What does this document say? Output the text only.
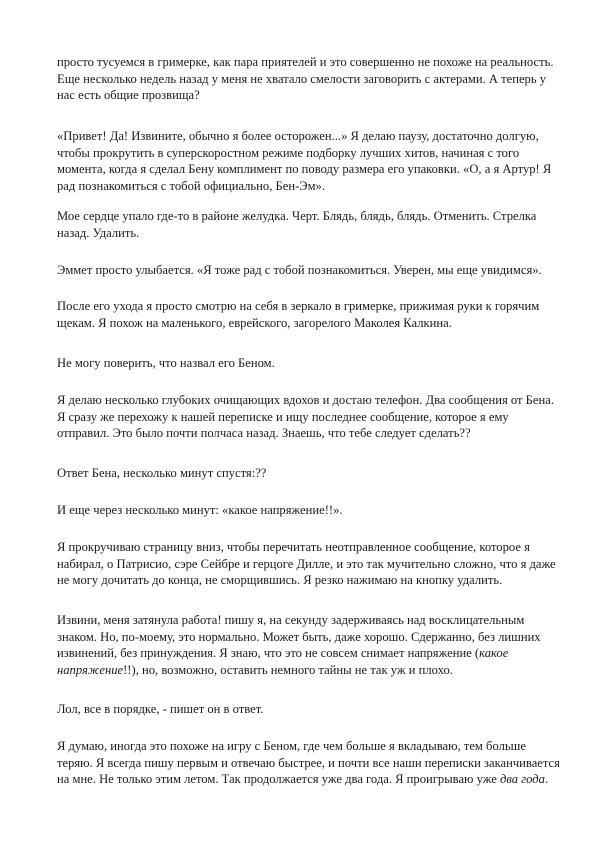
просто тусуемся в гримерке, как пара приятелей и это совершенно не похоже на реальность.
Еще несколько недель назад у меня не хватало смелости заговорить с актерами. А теперь у
нас есть общие прозвища?
«Привет! Да! Извините, обычно я более осторожен...» Я делаю паузу, достаточно долгую,
чтобы прокрутить в суперскоростном режиме подборку лучших хитов, начиная с того
момента, когда я сделал Бену комплимент по поводу размера его упаковки. «О, а я Артур! Я
рад познакомиться с тобой официально, Бен-Эм».
Мое сердце упало где-то в районе желудка. Черт. Блядь, блядь, блядь. Отменить. Стрелка
назад. Удалить.
Эммет просто улыбается. «Я тоже рад с тобой познакомиться. Уверен, мы еще увидимся».
После его ухода я просто смотрю на себя в зеркало в гримерке, прижимая руки к горячим
щекам. Я похож на маленького, еврейского, загорелого Маколея Калкина.
Не могу поверить, что назвал его Беном.
Я делаю несколько глубоких очищающих вдохов и достаю телефон. Два сообщения от Бена.
Я сразу же перехожу к нашей переписке и ищу последнее сообщение, которое я ему
отправил. Это было почти полчаса назад. Знаешь, что тебе следует сделать??
Ответ Бена, несколько минут спустя:??
И еще через несколько минут: «какое напряжение!!».
Я прокручиваю страницу вниз, чтобы перечитать неотправленное сообщение, которое я
набирал, о Патрисио, сэре Сейбре и герцоге Дилле, и это так мучительно сложно, что я даже
не могу дочитать до конца, не сморщившись. Я резко нажимаю на кнопку удалить.
Извини, меня затянула работа! пишу я, на секунду задерживаясь над восклицательным
знаком. Но, по-моему, это нормально. Может быть, даже хорошо. Сдержанно, без лишних
извинений, без принуждения. Я знаю, что это не совсем снимает напряжение (какое
напряжение!!), но, возможно, оставить немного тайны не так уж и плохо.
Лол, все в порядке, - пишет он в ответ.
Я думаю, иногда это похоже на игру с Беном, где чем больше я вкладываю, тем больше
теряю. Я всегда пишу первым и отвечаю быстрее, и почти все наши переписки заканчивается
на мне. Не только этим летом. Так продолжается уже два года. Я проигрываю уже два года.
